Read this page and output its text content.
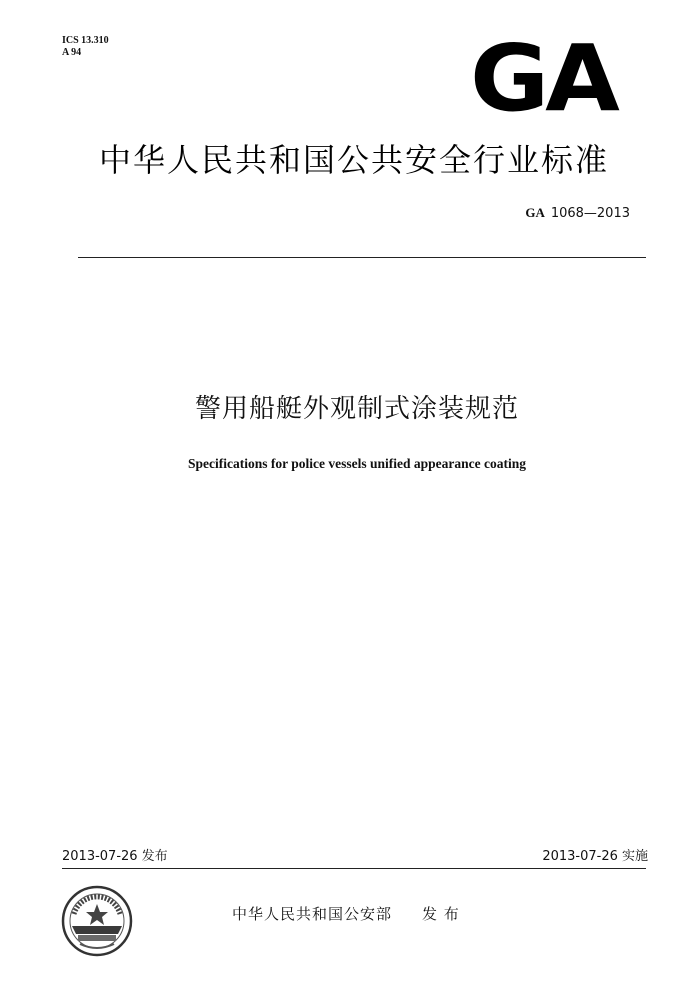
ICS 13.310
A 94	GA
中华人民共和国公共安全行业标准
GA 1068—2013
警用船艇外观制式涂装规范
Specifications for police vessels unified appearance coating
2013-07-26 发布	2013-07-26 实施
中华人民共和国公安部 发 布
